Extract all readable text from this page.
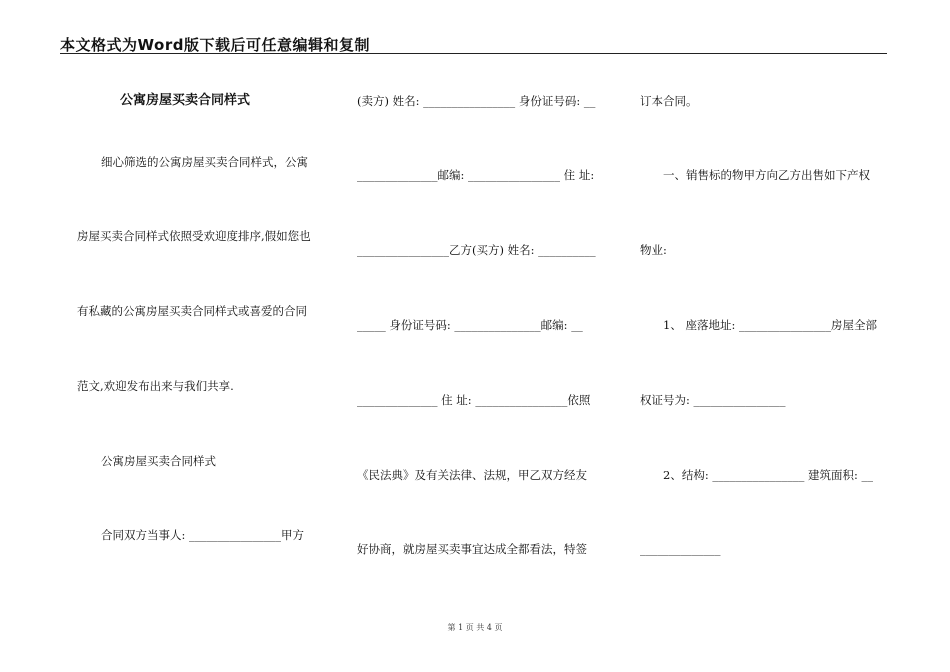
本文格式为Word版下载后可任意编辑和复制
公寓房屋买卖合同样式
细心筛选的公寓房屋买卖合同样式，公寓
房屋买卖合同样式依照受欢迎度排序,假如您也
有私藏的公寓房屋买卖合同样式或喜爱的合同
范文,欢迎发布出来与我们共享.
公寓房屋买卖合同样式
合同双方当事人: ________________甲方
(卖方) 姓名: ________________ 身份证号码: __
______________邮编: ________________ 住 址:
________________乙方(买方) 姓名: __________
_____ 身份证号码: _______________邮编: __
______________ 住 址: ________________依照
《民法典》及有关法律、法规，甲乙双方经友
好协商，就房屋买卖事宜达成全都看法，特签
订本合同。
一、销售标的物甲方向乙方出售如下产权
物业:
1、 座落地址: ________________房屋全部
权证号为: ________________
2、结构: ________________ 建筑面积: __
______________
第 1 页 共 4 页
